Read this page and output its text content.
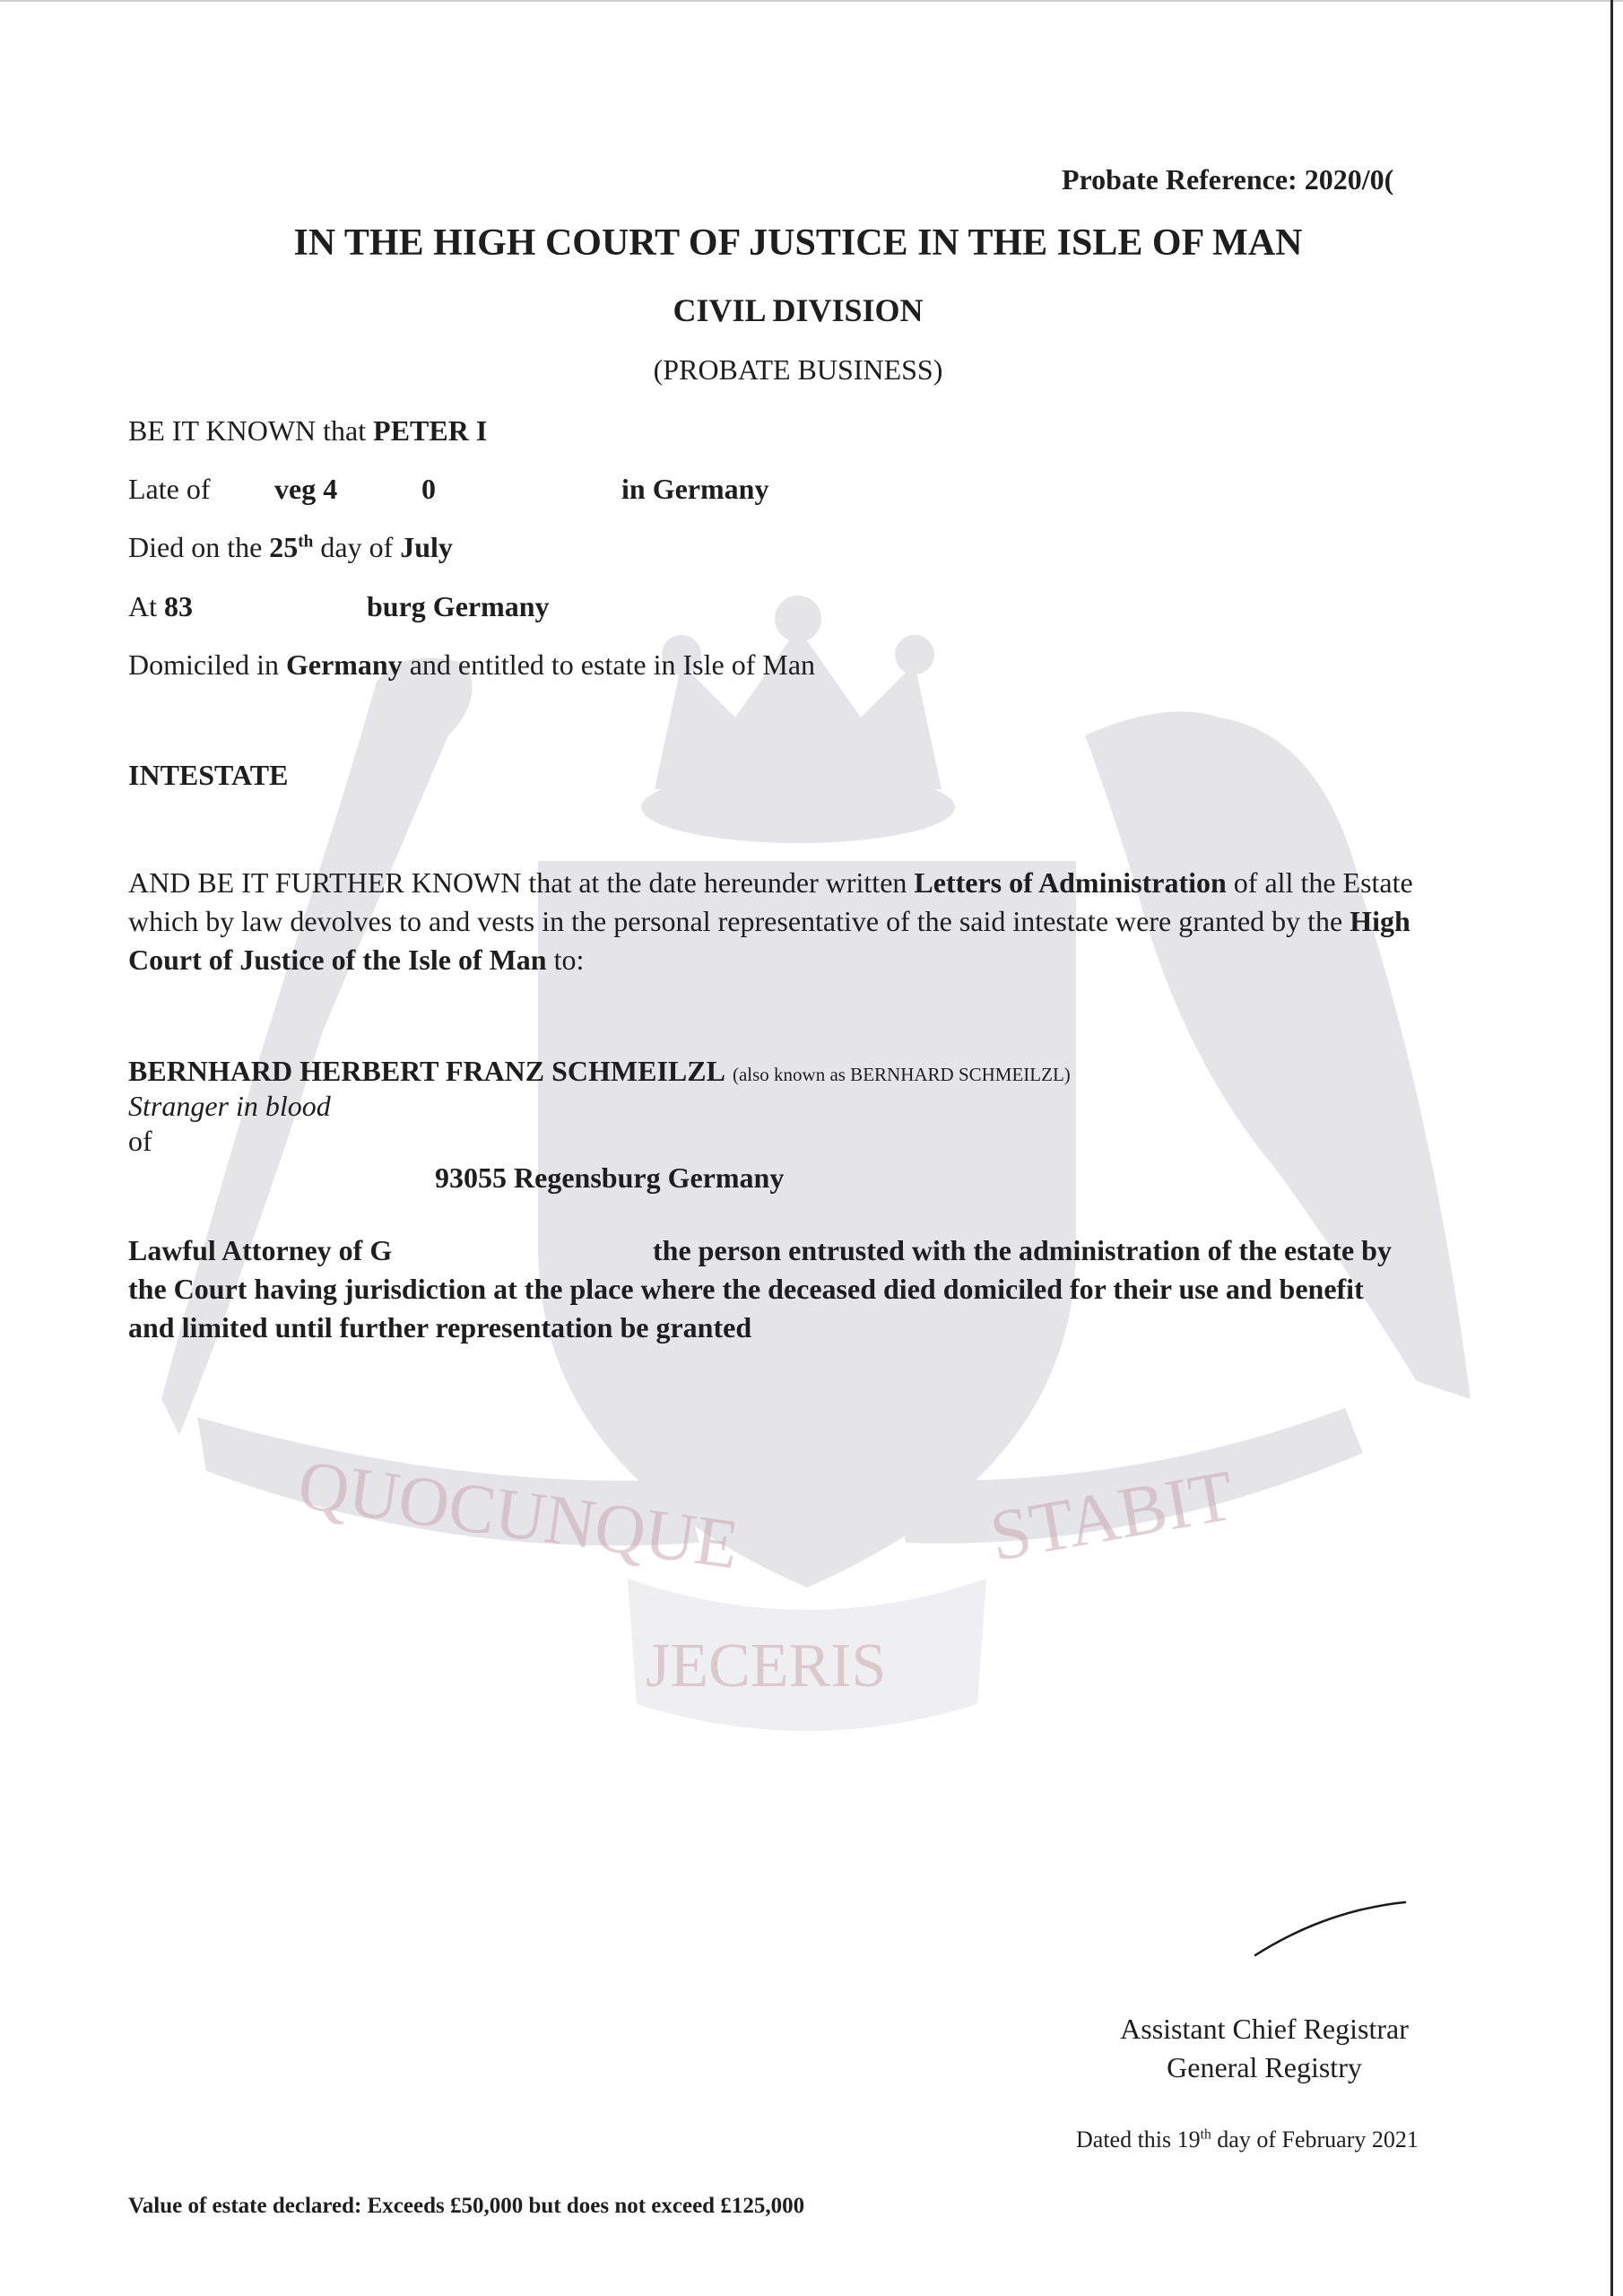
QUOCUNQUE	STABIT
JECERIS
Probate Reference: 2020/0(
IN THE HIGH COURT OF JUSTICE IN THE ISLE OF MAN
CIVIL DIVISION
(PROBATE BUSINESS)
BE IT KNOWN that PETER I
Late of veg 4	0	in Germany
Died on the 25th day of July
At 83	burg Germany
Domiciled in Germany and entitled to estate in Isle of Man
INTESTATE
AND BE IT FURTHER KNOWN that at the date hereunder written Letters of Administration of all the Estate which by law devolves to and vests in the personal representative of the said intestate were granted by the High Court of Justice of the Isle of Man to:
BERNHARD HERBERT FRANZ SCHMEILZL (also known as BERNHARD SCHMEILZL)
Stranger in blood
of
93055 Regensburg Germany
Lawful Attorney of G	the person entrusted with the administration of the estate by
the Court having jurisdiction at the place where the deceased died domiciled for their use and benefit
and limited until further representation be granted
Assistant Chief Registrar
General Registry
Dated this 19th day of February 2021
Value of estate declared: Exceeds £50,000 but does not exceed £125,000
